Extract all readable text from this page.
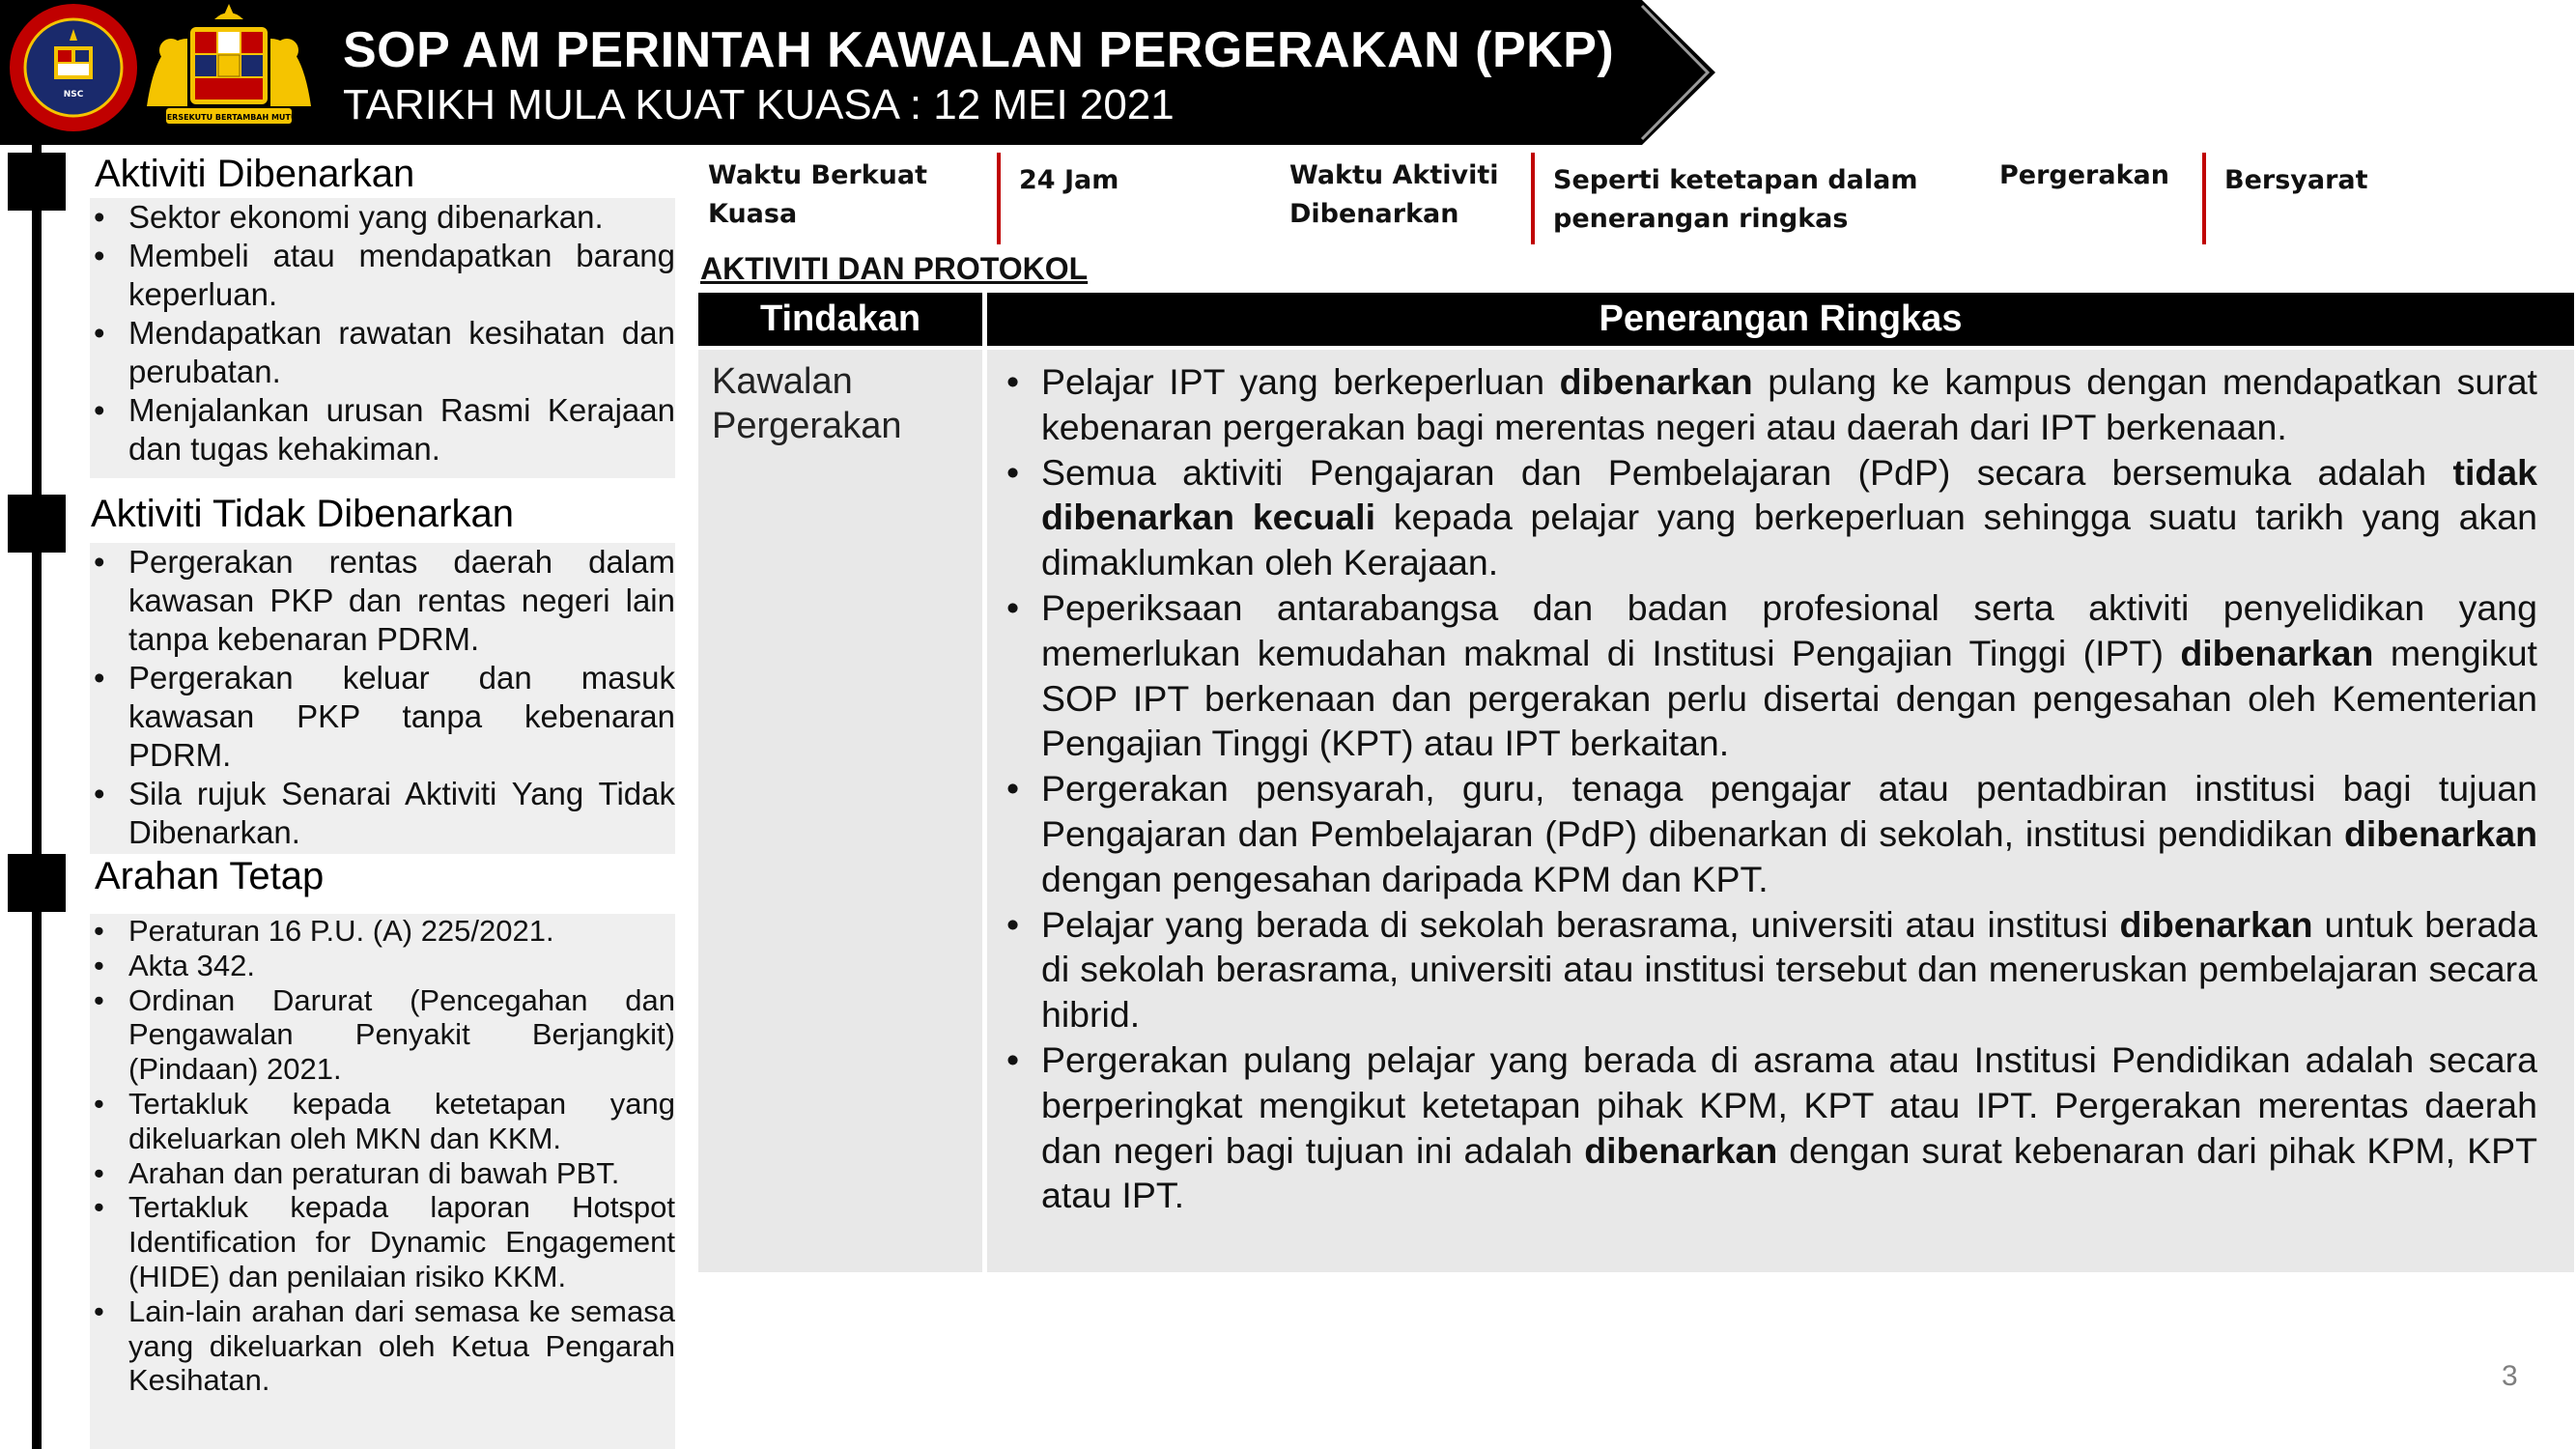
NSC
BERSEKUTU BERTAMBAH MUTU
SOP AM PERINTAH KAWALAN PERGERAKAN (PKP)
TARIKH MULA KUAT KUASA : 12 MEI 2021
Aktiviti Dibenarkan
• Sektor ekonomi yang dibenarkan.
• Membeli atau mendapatkan barang keperluan.
• Mendapatkan rawatan kesihatan dan perubatan.
• Menjalankan urusan Rasmi Kerajaan dan tugas kehakiman.
Aktiviti Tidak Dibenarkan
• Pergerakan rentas daerah dalam kawasan PKP dan rentas negeri lain tanpa kebenaran PDRM.
• Pergerakan keluar dan masuk kawasan PKP tanpa kebenaran PDRM.
• Sila rujuk Senarai Aktiviti Yang Tidak Dibenarkan.
Arahan Tetap
• Peraturan 16 P.U. (A) 225/2021.
• Akta 342.
• Ordinan Darurat (Pencegahan dan Pengawalan Penyakit Berjangkit) (Pindaan) 2021.
• Tertakluk kepada ketetapan yang dikeluarkan oleh MKN dan KKM.
• Arahan dan peraturan di bawah PBT.
• Tertakluk kepada laporan Hotspot Identification for Dynamic Engagement (HIDE) dan penilaian risiko KKM.
• Lain-lain arahan dari semasa ke semasa yang dikeluarkan oleh Ketua Pengarah Kesihatan.
Waktu Berkuat Kuasa
24 Jam	Waktu Aktiviti Dibenarkan
Seperti ketetapan dalam penerangan ringkas
Pergerakan Bersyarat
AKTIVITI DAN PROTOKOL
Tindakan	Penerangan Ringkas
Kawalan Pergerakan
• Pelajar IPT yang berkeperluan dibenarkan pulang ke kampus dengan mendapatkan surat kebenaran pergerakan bagi merentas negeri atau daerah dari IPT berkenaan.
• Semua aktiviti Pengajaran dan Pembelajaran (PdP) secara bersemuka adalah tidak dibenarkan kecuali kepada pelajar yang berkeperluan sehingga suatu tarikh yang akan dimaklumkan oleh Kerajaan.
• Peperiksaan antarabangsa dan badan profesional serta aktiviti penyelidikan yang memerlukan kemudahan makmal di Institusi Pengajian Tinggi (IPT) dibenarkan mengikut SOP IPT berkenaan dan pergerakan perlu disertai dengan pengesahan oleh Kementerian Pengajian Tinggi (KPT) atau IPT berkaitan.
• Pergerakan pensyarah, guru, tenaga pengajar atau pentadbiran institusi bagi tujuan Pengajaran dan Pembelajaran (PdP) dibenarkan di sekolah, institusi pendidikan dibenarkan dengan pengesahan daripada KPM dan KPT.
• Pelajar yang berada di sekolah berasrama, universiti atau institusi dibenarkan untuk berada di sekolah berasrama, universiti atau institusi tersebut dan meneruskan pembelajaran secara hibrid.
• Pergerakan pulang pelajar yang berada di asrama atau Institusi Pendidikan adalah secara berperingkat mengikut ketetapan pihak KPM, KPT atau IPT. Pergerakan merentas daerah dan negeri bagi tujuan ini adalah dibenarkan dengan surat kebenaran dari pihak KPM, KPT atau IPT.
3
